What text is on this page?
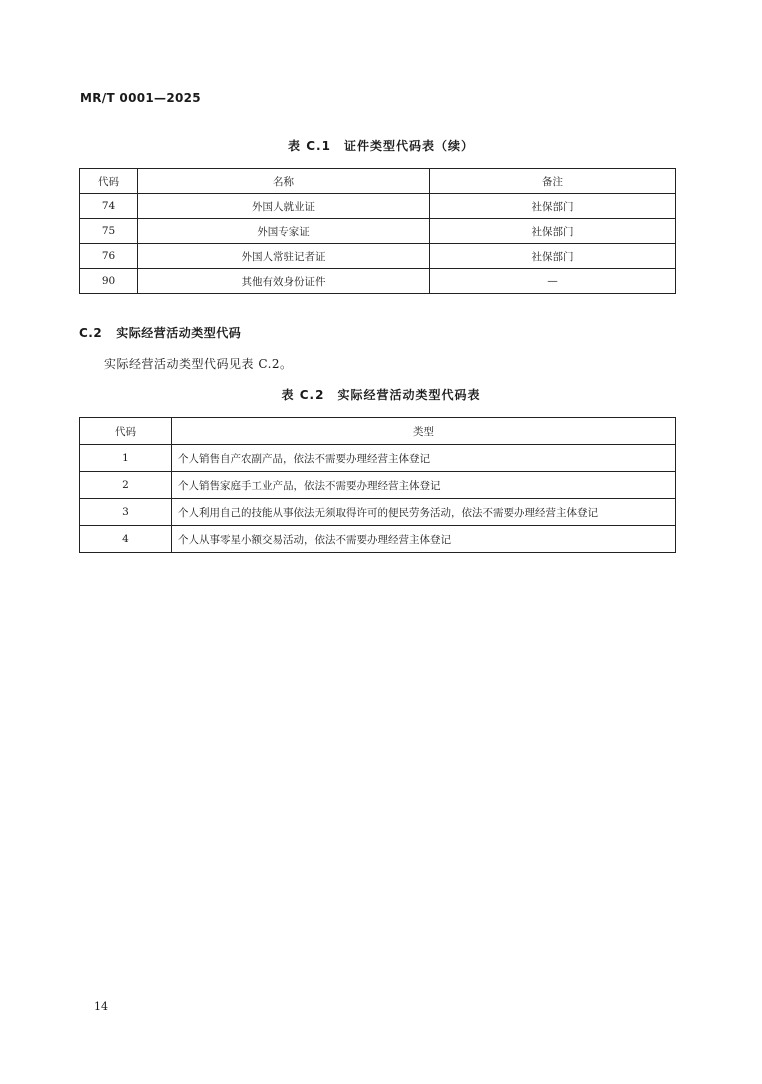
MR/T 0001—2025
表 C.1　证件类型代码表（续）
代码	名称	备注
74	外国人就业证	社保部门
75	外国专家证	社保部门
76	外国人常驻记者证	社保部门
90	其他有效身份证件	—
C.2 实际经营活动类型代码
实际经营活动类型代码见表 C.2。
表 C.2　实际经营活动类型代码表
代码	类型
1	个人销售自产农副产品，依法不需要办理经营主体登记
2	个人销售家庭手工业产品，依法不需要办理经营主体登记
3	个人利用自己的技能从事依法无须取得许可的便民劳务活动，依法不需要办理经营主体登记
4	个人从事零星小额交易活动，依法不需要办理经营主体登记
14
